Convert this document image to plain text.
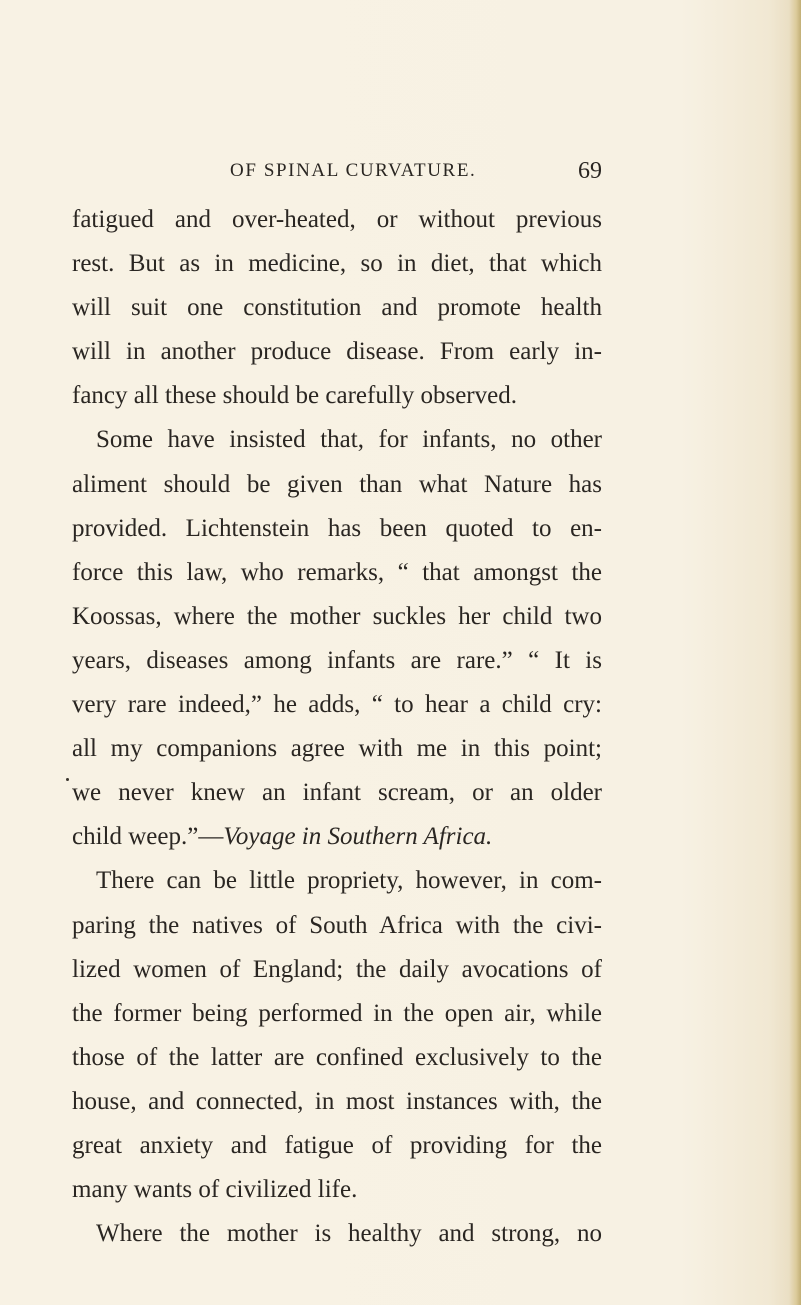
OF SPINAL CURVATURE.	69
fatigued and over-heated, or without previous
rest. But as in medicine, so in diet, that which
will suit one constitution and promote health
will in another produce disease. From early in-
fancy all these should be carefully observed.
Some have insisted that, for infants, no other
aliment should be given than what Nature has
provided. Lichtenstein has been quoted to en-
force this law, who remarks, “ that amongst the
Koossas, where the mother suckles her child two
years, diseases among infants are rare.” “ It is
very rare indeed,” he adds, “ to hear a child cry:
all my companions agree with me in this point;
we never knew an infant scream, or an older
child weep.”—Voyage in Southern Africa.
There can be little propriety, however, in com-
paring the natives of South Africa with the civi-
lized women of England; the daily avocations of
the former being performed in the open air, while
those of the latter are confined exclusively to the
house, and connected, in most instances with, the
great anxiety and fatigue of providing for the
many wants of civilized life.
Where the mother is healthy and strong, no
